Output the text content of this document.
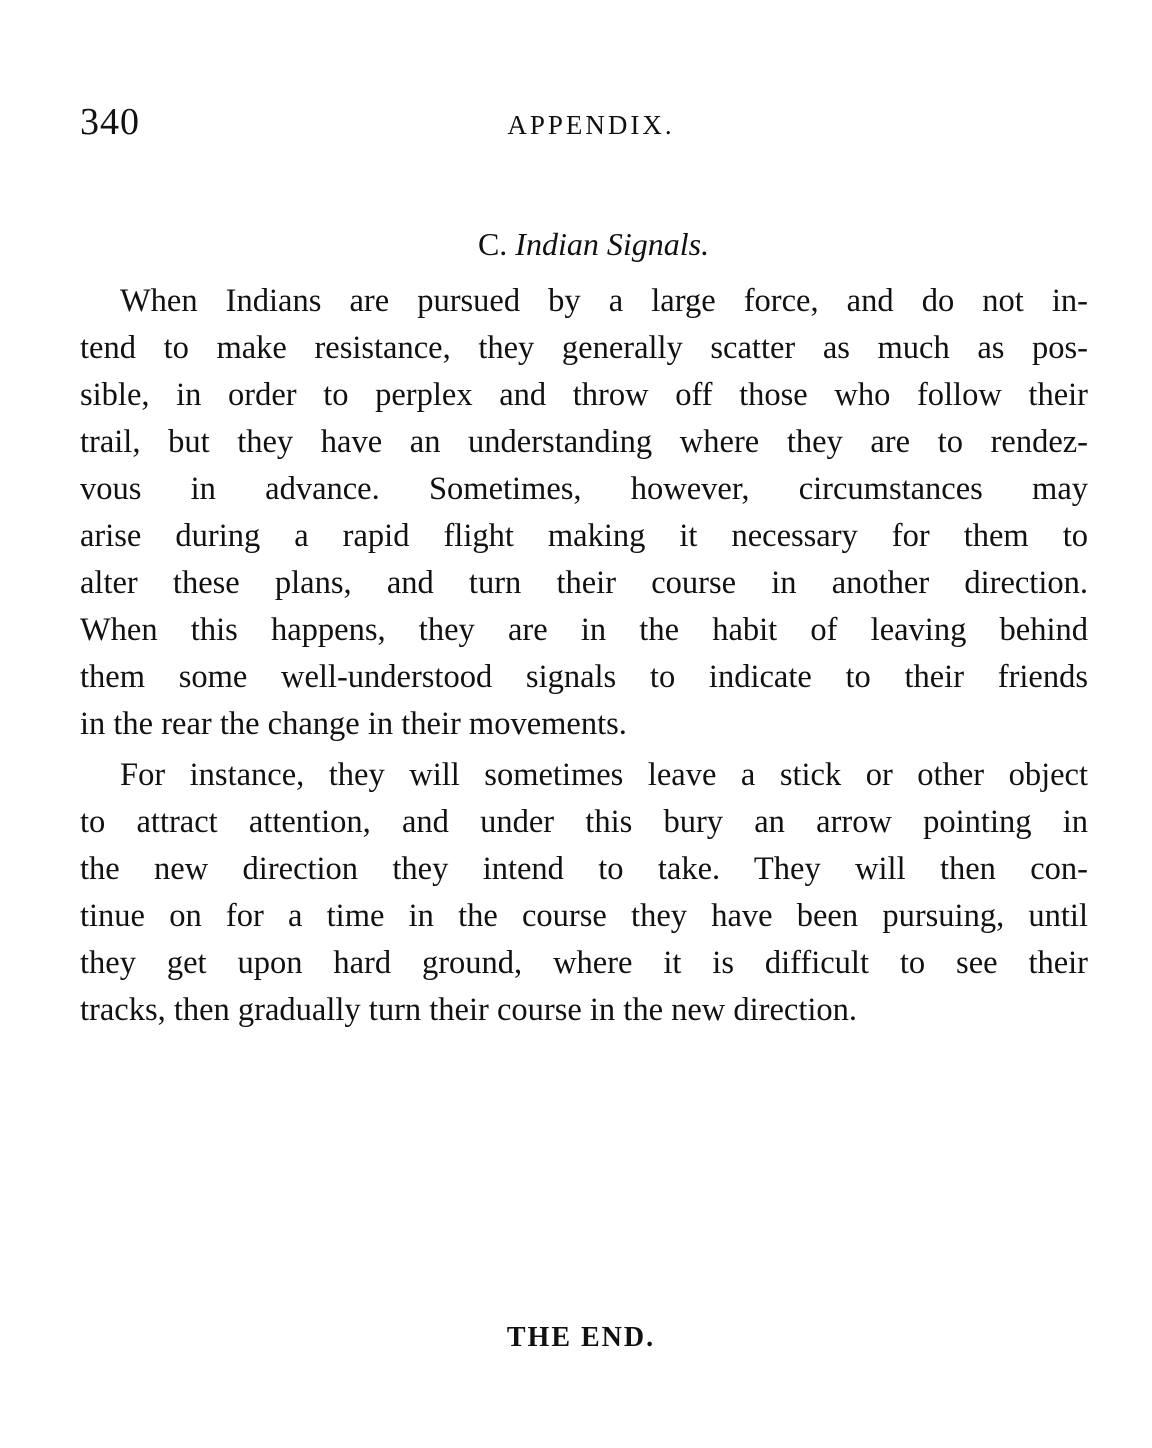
340	APPENDIX.
C. Indian Signals.
When Indians are pursued by a large force, and do not in-
tend to make resistance, they generally scatter as much as pos-
sible, in order to perplex and throw off those who follow their
trail, but they have an understanding where they are to rendez-
vous in advance. Sometimes, however, circumstances may
arise during a rapid flight making it necessary for them to
alter these plans, and turn their course in another direction.
When this happens, they are in the habit of leaving behind
them some well-understood signals to indicate to their friends
in the rear the change in their movements.
For instance, they will sometimes leave a stick or other object
to attract attention, and under this bury an arrow pointing in
the new direction they intend to take. They will then con-
tinue on for a time in the course they have been pursuing, until
they get upon hard ground, where it is difficult to see their
tracks, then gradually turn their course in the new direction.
THE END.
